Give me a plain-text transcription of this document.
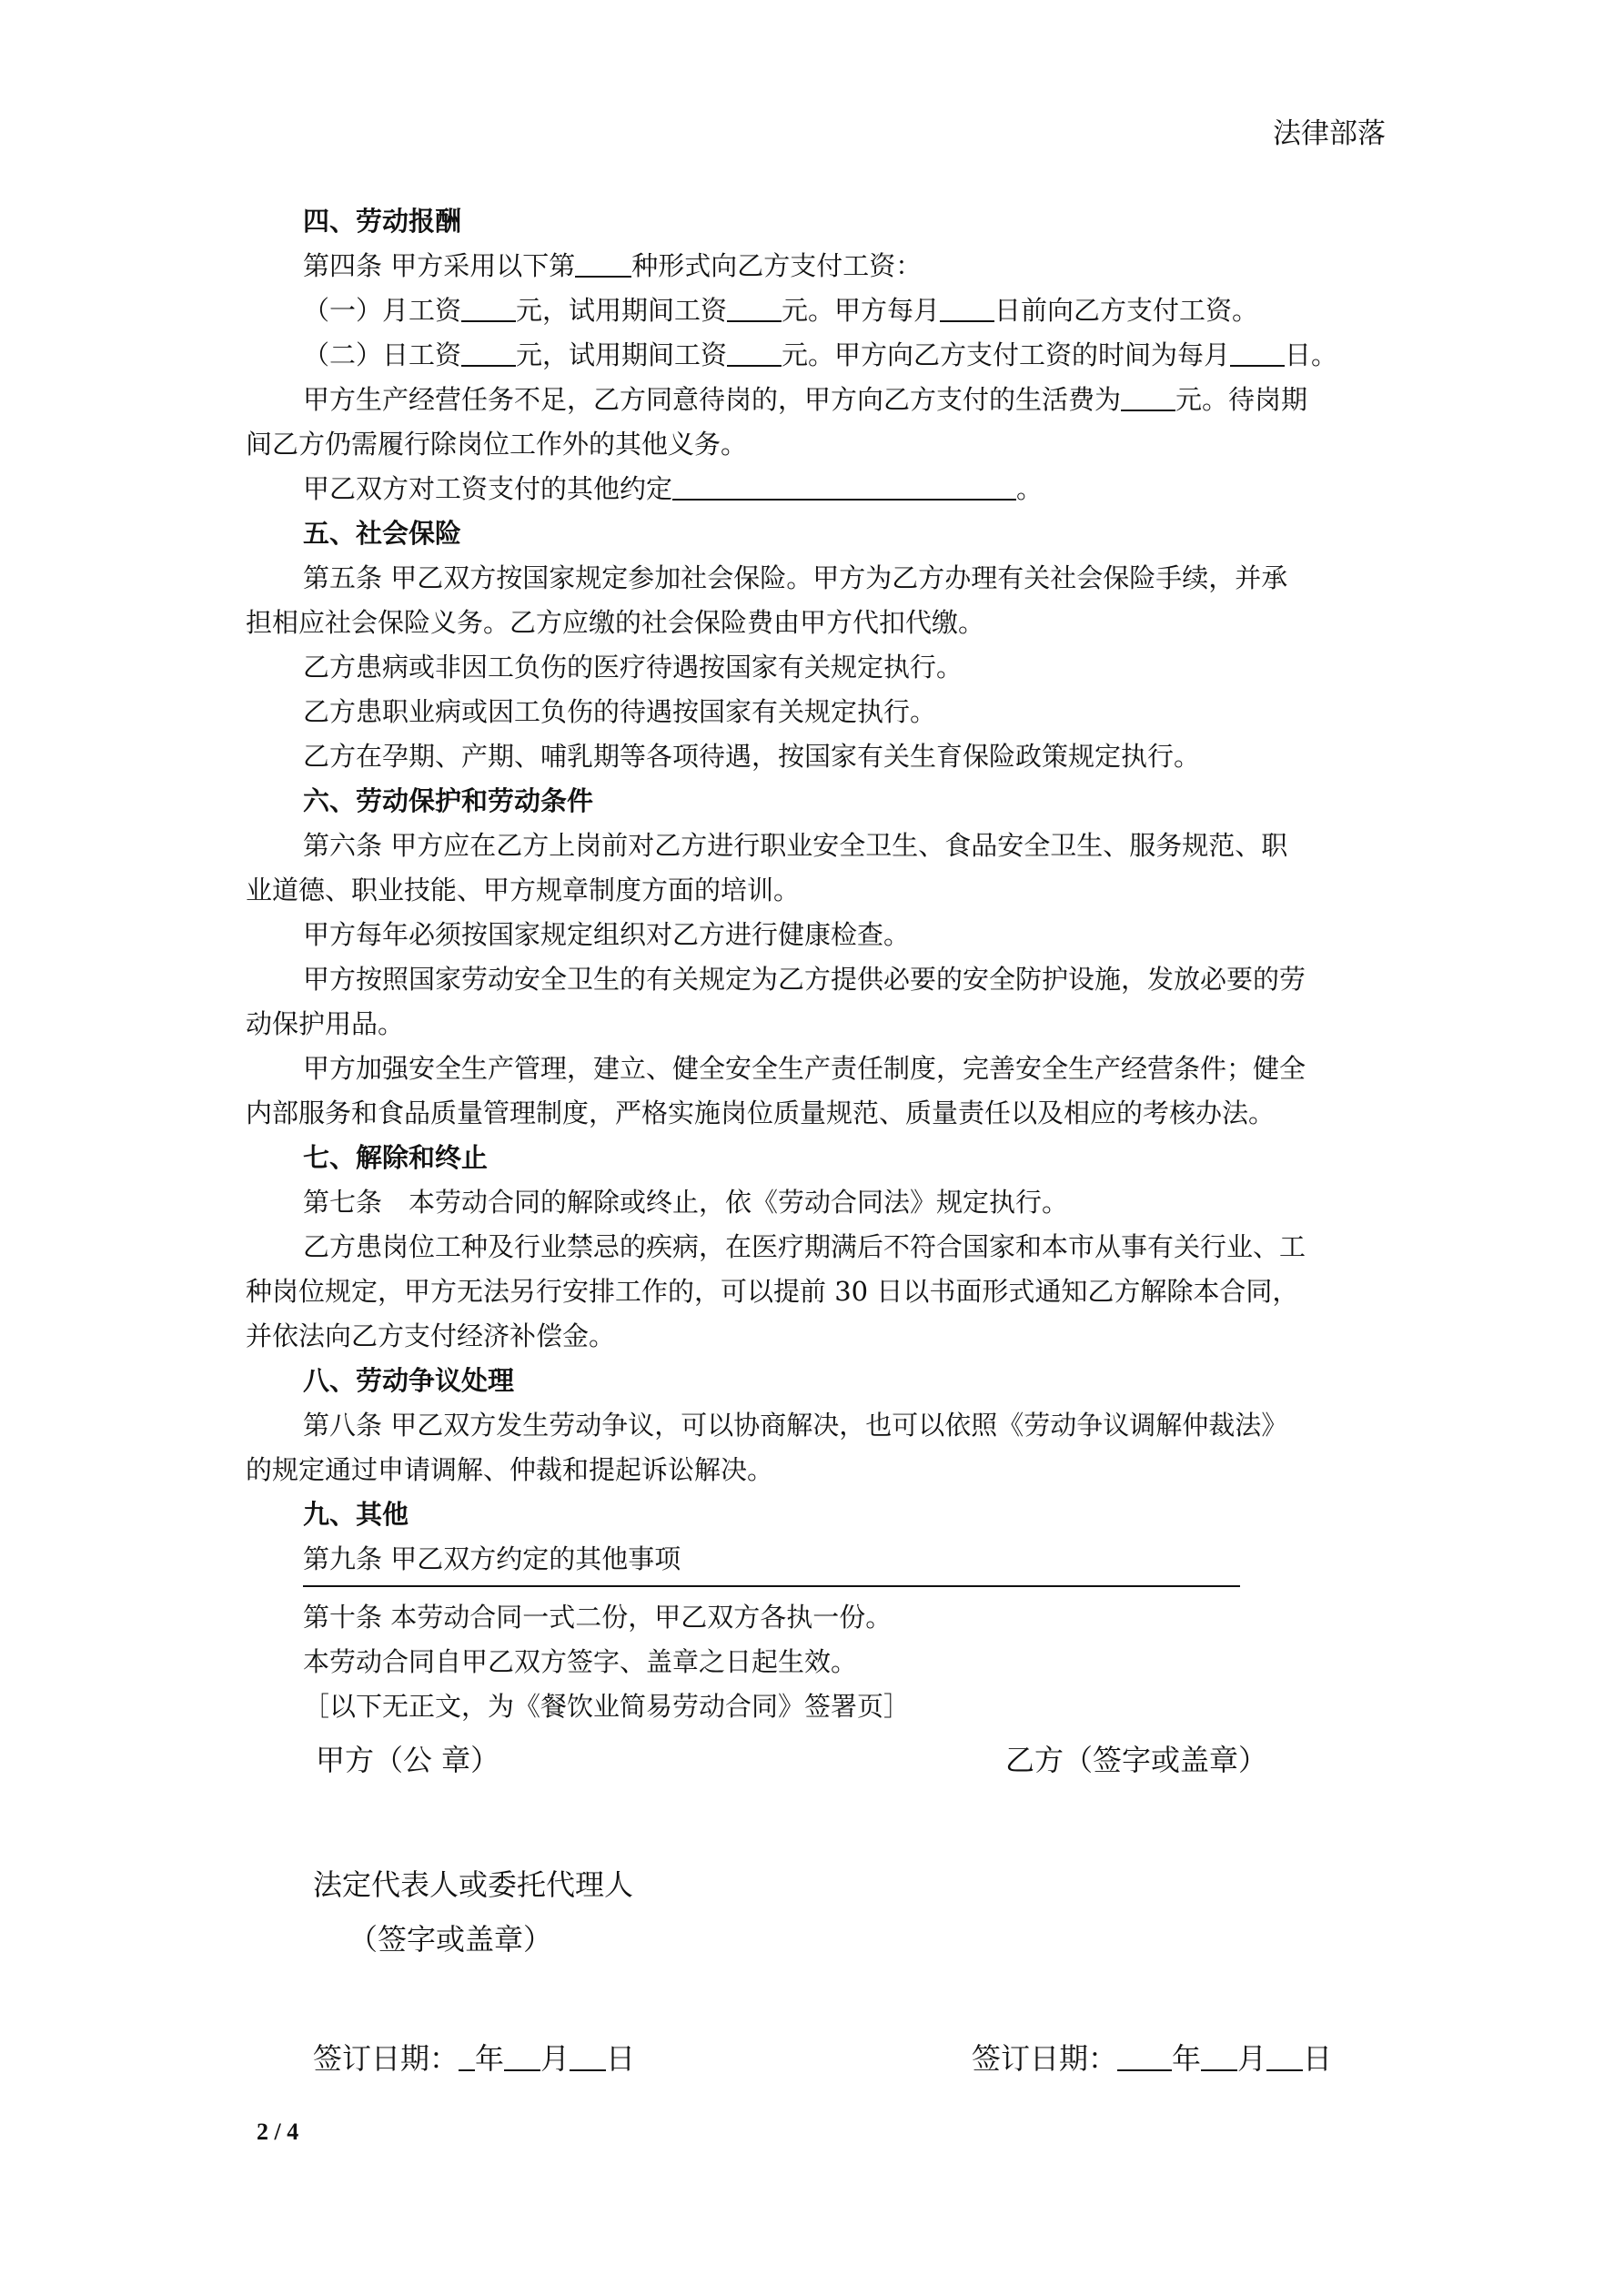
法律部落
四、劳动报酬
第四条 甲方采用以下第 种形式向乙方支付工资：
（一）月工资 元，试用期间工资 元。甲方每月 日前向乙方支付工资。
（二）日工资 元，试用期间工资 元。甲方向乙方支付工资的时间为每月 日。
甲方生产经营任务不足，乙方同意待岗的，甲方向乙方支付的生活费为 元。待岗期
间乙方仍需履行除岗位工作外的其他义务。
甲乙双方对工资支付的其他约定	。
五、社会保险
第五条 甲乙双方按国家规定参加社会保险。甲方为乙方办理有关社会保险手续，并承
担相应社会保险义务。乙方应缴的社会保险费由甲方代扣代缴。
乙方患病或非因工负伤的医疗待遇按国家有关规定执行。
乙方患职业病或因工负伤的待遇按国家有关规定执行。
乙方在孕期、产期、哺乳期等各项待遇，按国家有关生育保险政策规定执行。
六、劳动保护和劳动条件
第六条 甲方应在乙方上岗前对乙方进行职业安全卫生、食品安全卫生、服务规范、职
业道德、职业技能、甲方规章制度方面的培训。
甲方每年必须按国家规定组织对乙方进行健康检查。
甲方按照国家劳动安全卫生的有关规定为乙方提供必要的安全防护设施，发放必要的劳
动保护用品。
甲方加强安全生产管理，建立、健全安全生产责任制度，完善安全生产经营条件；健全
内部服务和食品质量管理制度，严格实施岗位质量规范、质量责任以及相应的考核办法。
七、解除和终止
第七条　本劳动合同的解除或终止，依《劳动合同法》规定执行。
乙方患岗位工种及行业禁忌的疾病，在医疗期满后不符合国家和本市从事有关行业、工
种岗位规定，甲方无法另行安排工作的，可以提前 30 日以书面形式通知乙方解除本合同，
并依法向乙方支付经济补偿金。
八、劳动争议处理
第八条 甲乙双方发生劳动争议，可以协商解决，也可以依照《劳动争议调解仲裁法》
的规定通过申请调解、仲裁和提起诉讼解决。
九、其他
第九条 甲乙双方约定的其他事项
第十条 本劳动合同一式二份，甲乙双方各执一份。
本劳动合同自甲乙双方签字、盖章之日起生效。
［以下无正文，为《餐饮业简易劳动合同》签署页］
甲方（公 章）	乙方（签字或盖章）
法定代表人或委托代理人
（签字或盖章）
签订日期： 年 月 日	签订日期： 年 月 日
2 / 4
